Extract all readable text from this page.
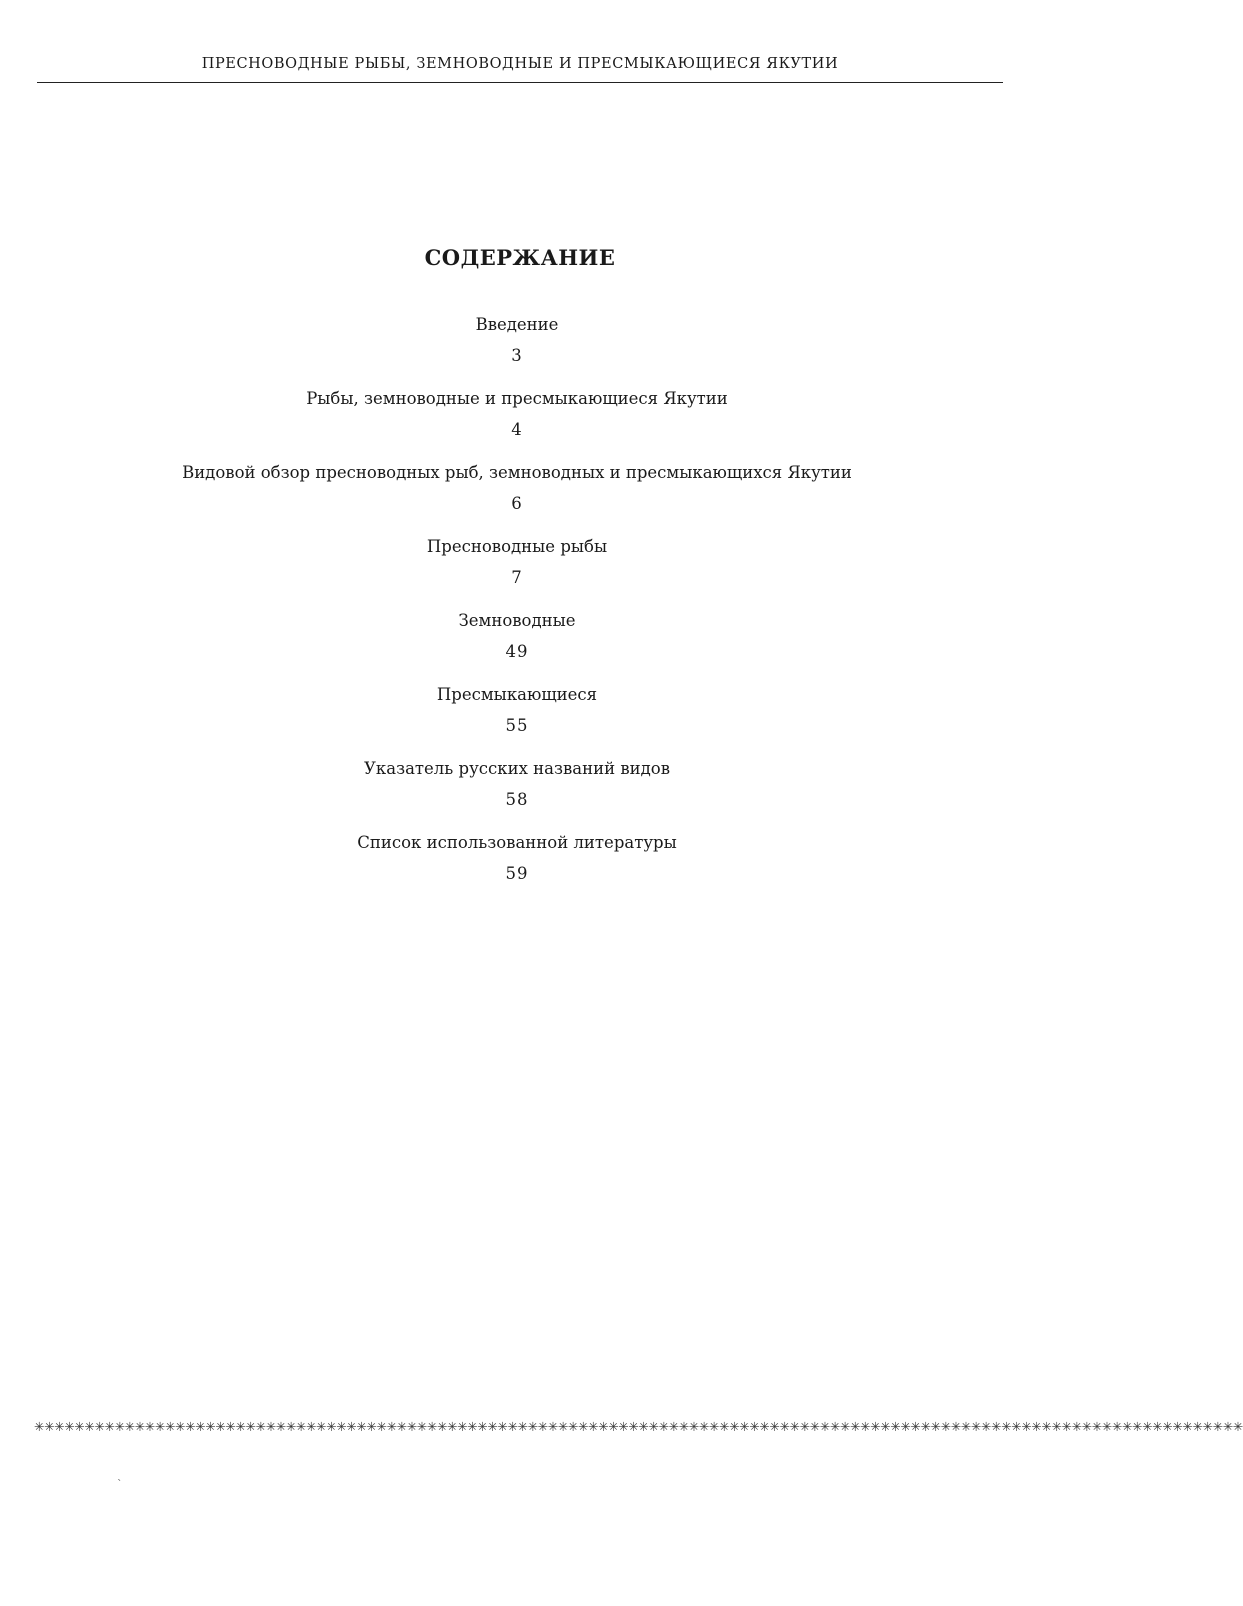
ПРЕСНОВОДНЫЕ РЫБЫ, ЗЕМНОВОДНЫЕ И ПРЕСМЫКАЮЩИЕСЯ ЯКУТИИ
СОДЕРЖАНИЕ
Введение
3
Рыбы, земноводные и пресмыкающиеся Якутии
4
Видовой обзор пресноводных рыб, земноводных и пресмыкающихся Якутии
6
Пресноводные рыбы
7
Земноводные
49
Пресмыкающиеся
55
Указатель русских названий видов
58
Список использованной литературы
59
✳✳✳✳✳✳✳✳✳✳✳✳✳✳✳✳✳✳✳✳✳✳✳✳✳✳✳✳✳✳✳✳✳✳✳✳✳✳✳✳✳✳✳✳✳✳✳✳✳✳✳✳✳✳✳✳✳✳✳✳✳✳✳✳✳✳✳✳✳✳✳✳✳✳✳✳✳✳✳✳✳✳✳✳✳✳✳✳✳✳✳✳✳✳✳✳✳✳✳✳✳✳✳✳✳✳✳✳✳✳✳✳✳✳✳✳✳✳✳✳
`
